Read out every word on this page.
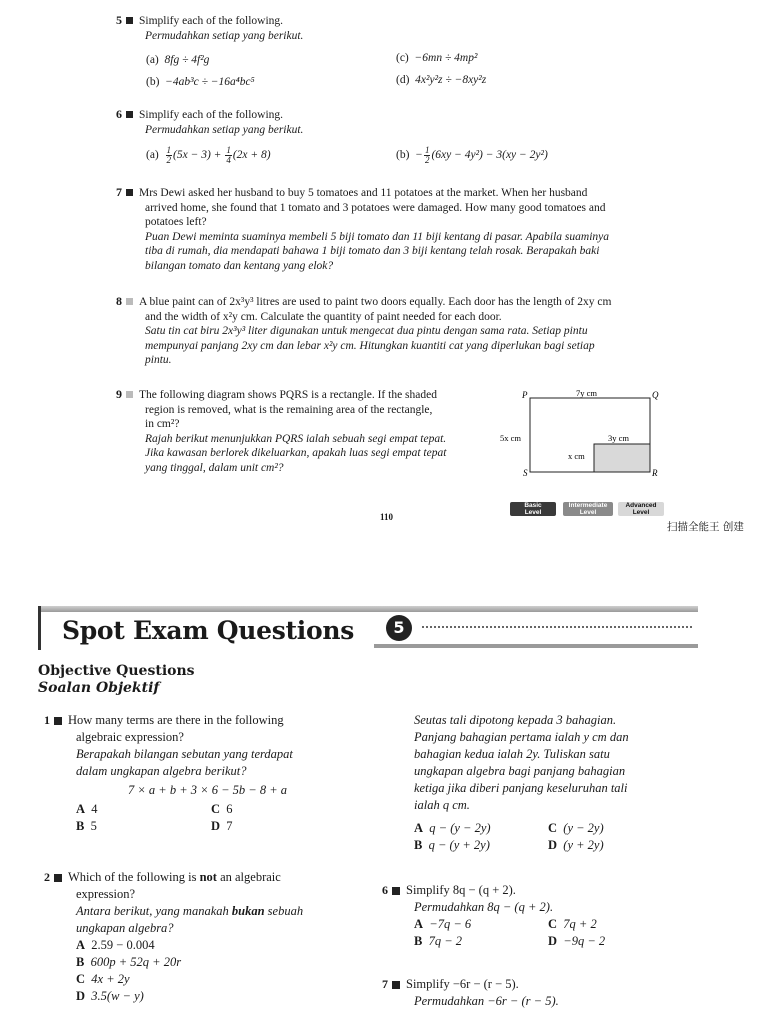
5 Simplify each of the following.
Permudahkan setiap yang berikut.
(a) 8fg ÷ 4f²g
(b) −4ab³c ÷ −16a⁴bc⁵
(c) −6mn ÷ 4mp²
(d) 4x²y²z ÷ −8xy²z
6 Simplify each of the following.
Permudahkan setiap yang berikut.
$(a) \frac{1}{2} (5x - 3) + \frac{1}{4} (2x + 8)$	$(b) - \frac{1}{2} (6xy - 4y^2) - 3(xy - 2y^2)$
7 Mrs Dewi asked her husband to buy 5 tomatoes and 11 potatoes at the market. When her husband
arrived home, she found that 1 tomato and 3 potatoes were damaged. How many good tomatoes and
potatoes left?
Puan Dewi meminta suaminya membeli 5 biji tomato dan 11 biji kentang di pasar. Apabila suaminya
tiba di rumah, dia mendapati bahawa 1 biji tomato dan 3 biji kentang telah rosak. Berapakah baki
bilangan tomato dan kentang yang elok?
8 A blue paint can of 2x³y³ litres are used to paint two doors equally. Each door has the length of 2xy cm
and the width of x²y cm. Calculate the quantity of paint needed for each door.
Satu tin cat biru 2x³y³ liter digunakan untuk mengecat dua pintu dengan sama rata. Setiap pintu
mempunyai panjang 2xy cm dan lebar x²y cm. Hitungkan kuantiti cat yang diperlukan bagi setiap
pintu.
9 The following diagram shows PQRS is a rectangle. If the shaded
region is removed, what is the remaining area of the rectangle,
in cm²?
Rajah berikut menunjukkan PQRS ialah sebuah segi empat tepat.
Jika kawasan berlorek dikeluarkan, apakah luas segi empat tepat
yang tinggal, dalam unit cm²?
P	Q
R
S
7y cm
5x cm	3y cm
x cm
110
Basic
Level
Intermediate
Level
Advanced
Level
扫描全能王 创建
Spot Exam Questions	5
Objective Questions
Soalan Objektif
1 How many terms are there in the following
algebraic expression?
Berapakah bilangan sebutan yang terdapat
dalam ungkapan algebra berikut?
7 × a + b + 3 × 6 − 5b − 8 + a
A 4	C 6
B 5	D 7
2 Which of the following is not an algebraic
expression?
Antara berikut, yang manakah bukan sebuah
ungkapan algebra?
A 2.59 − 0.004
B 600p + 52q + 20r
C 4x + 2y
D 3.5(w − y)
Seutas tali dipotong kepada 3 bahagian.
Panjang bahagian pertama ialah y cm dan
bahagian kedua ialah 2y. Tuliskan satu
ungkapan algebra bagi panjang bahagian
ketiga jika diberi panjang keseluruhan tali
ialah q cm.
A q − (y − 2y)	C (y − 2y)
B q − (y + 2y)	D (y + 2y)
6 Simplify 8q − (q + 2).
Permudahkan 8q − (q + 2).
A −7q − 6	C 7q + 2
B 7q − 2	D −9q − 2
7 Simplify −6r − (r − 5).
Permudahkan −6r − (r − 5).
